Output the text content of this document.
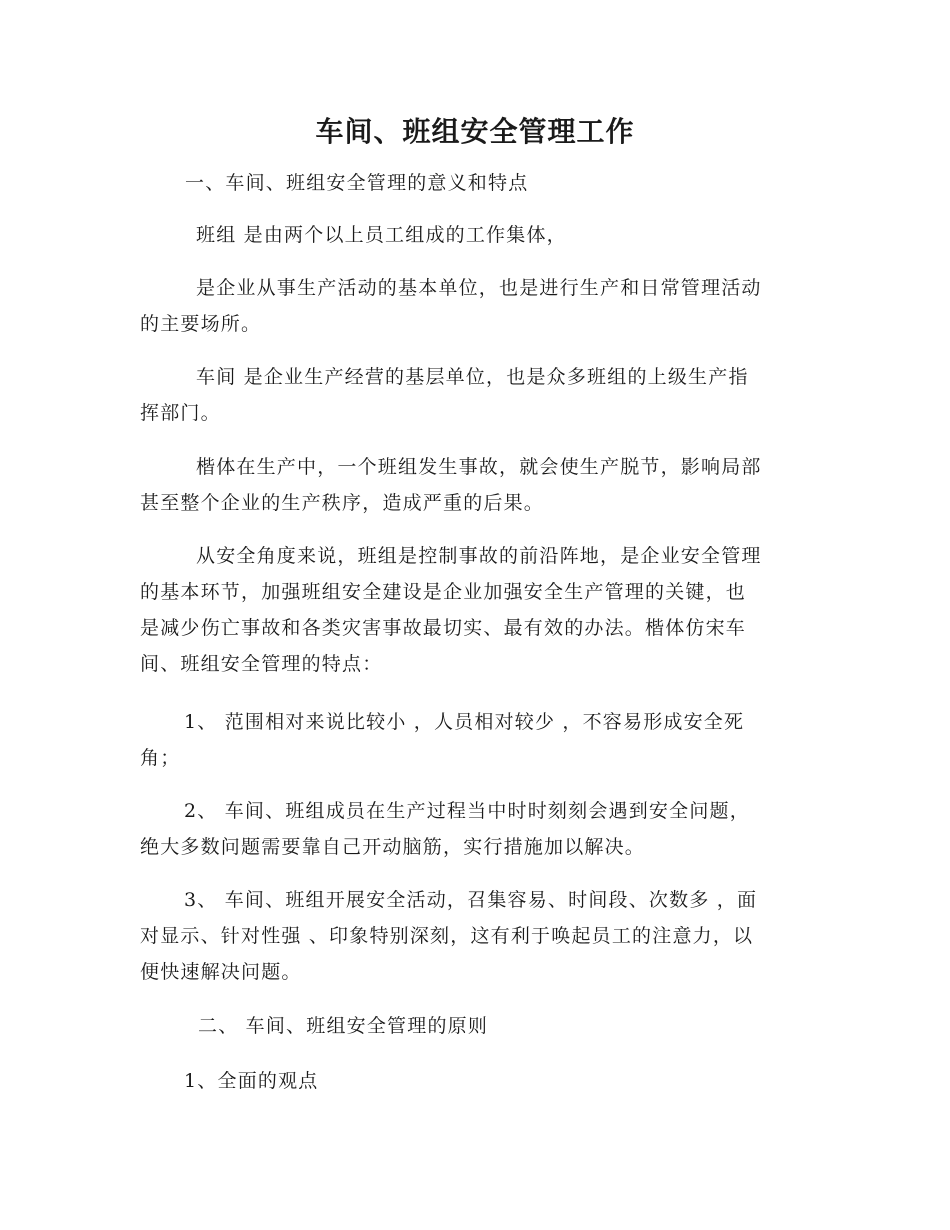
车间、班组安全管理工作

一、车间、班组安全管理的意义和特点

班组 是由两个以上员工组成的工作集体，

是企业从事生产活动的基本单位，也是进行生产和日常管理活动
的主要场所。

车间 是企业生产经营的基层单位，也是众多班组的上级生产指
挥部门。

楷体在生产中，一个班组发生事故，就会使生产脱节，影响局部
甚至整个企业的生产秩序，造成严重的后果。

从安全角度来说，班组是控制事故的前沿阵地，是企业安全管理
的基本环节，加强班组安全建设是企业加强安全生产管理的关键，也
是减少伤亡事故和各类灾害事故最切实、最有效的办法。楷体仿宋车
间、班组安全管理的特点：

1、 范围相对来说比较小 ，人员相对较少 ，不容易形成安全死
角；

2、 车间、班组成员在生产过程当中时时刻刻会遇到安全问题，
绝大多数问题需要靠自己开动脑筋，实行措施加以解决。

3、 车间、班组开展安全活动，召集容易、时间段、次数多 ，面
对显示、针对性强 、印象特别深刻，这有利于唤起员工的注意力，以
便快速解决问题。

二、 车间、班组安全管理的原则

1、全面的观点
